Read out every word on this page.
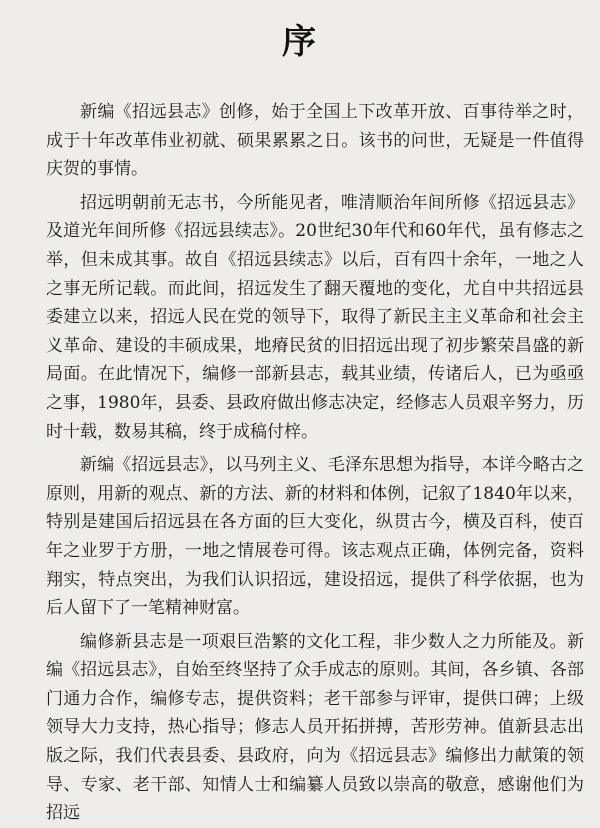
序

新编《招远县志》创修，始于全国上下改革开放、百事待举之时，成于十年改革伟业初就、硕果累累之日。该书的问世，无疑是一件值得庆贺的事情。

招远明朝前无志书，今所能见者，唯清顺治年间所修《招远县志》及道光年间所修《招远县续志》。20世纪30年代和60年代，虽有修志之举，但未成其事。故自《招远县续志》以后，百有四十余年，一地之人之事无所记载。而此间，招远发生了翻天覆地的变化，尤自中共招远县委建立以来，招远人民在党的领导下，取得了新民主主义革命和社会主义革命、建设的丰硕成果，地瘠民贫的旧招远出现了初步繁荣昌盛的新局面。在此情况下，编修一部新县志，载其业绩，传诸后人，已为亟亟之事，1980年，县委、县政府做出修志决定，经修志人员艰辛努力，历时十载，数易其稿，终于成稿付梓。

新编《招远县志》，以马列主义、毛泽东思想为指导，本详今略古之原则，用新的观点、新的方法、新的材料和体例，记叙了1840年以来，特别是建国后招远县在各方面的巨大变化，纵贯古今，横及百科，使百年之业罗于方册，一地之情展卷可得。该志观点正确，体例完备，资料翔实，特点突出，为我们认识招远，建设招远，提供了科学依据，也为后人留下了一笔精神财富。

编修新县志是一项艰巨浩繁的文化工程，非少数人之力所能及。新编《招远县志》，自始至终坚持了众手成志的原则。其间，各乡镇、各部门通力合作，编修专志，提供资料；老干部参与评审，提供口碑；上级领导大力支持，热心指导；修志人员开拓拼搏，苦形劳神。值新县志出版之际，我们代表县委、县政府，向为《招远县志》编修出力献策的领导、专家、老干部、知情人士和编纂人员致以崇高的敬意，感谢他们为招远
